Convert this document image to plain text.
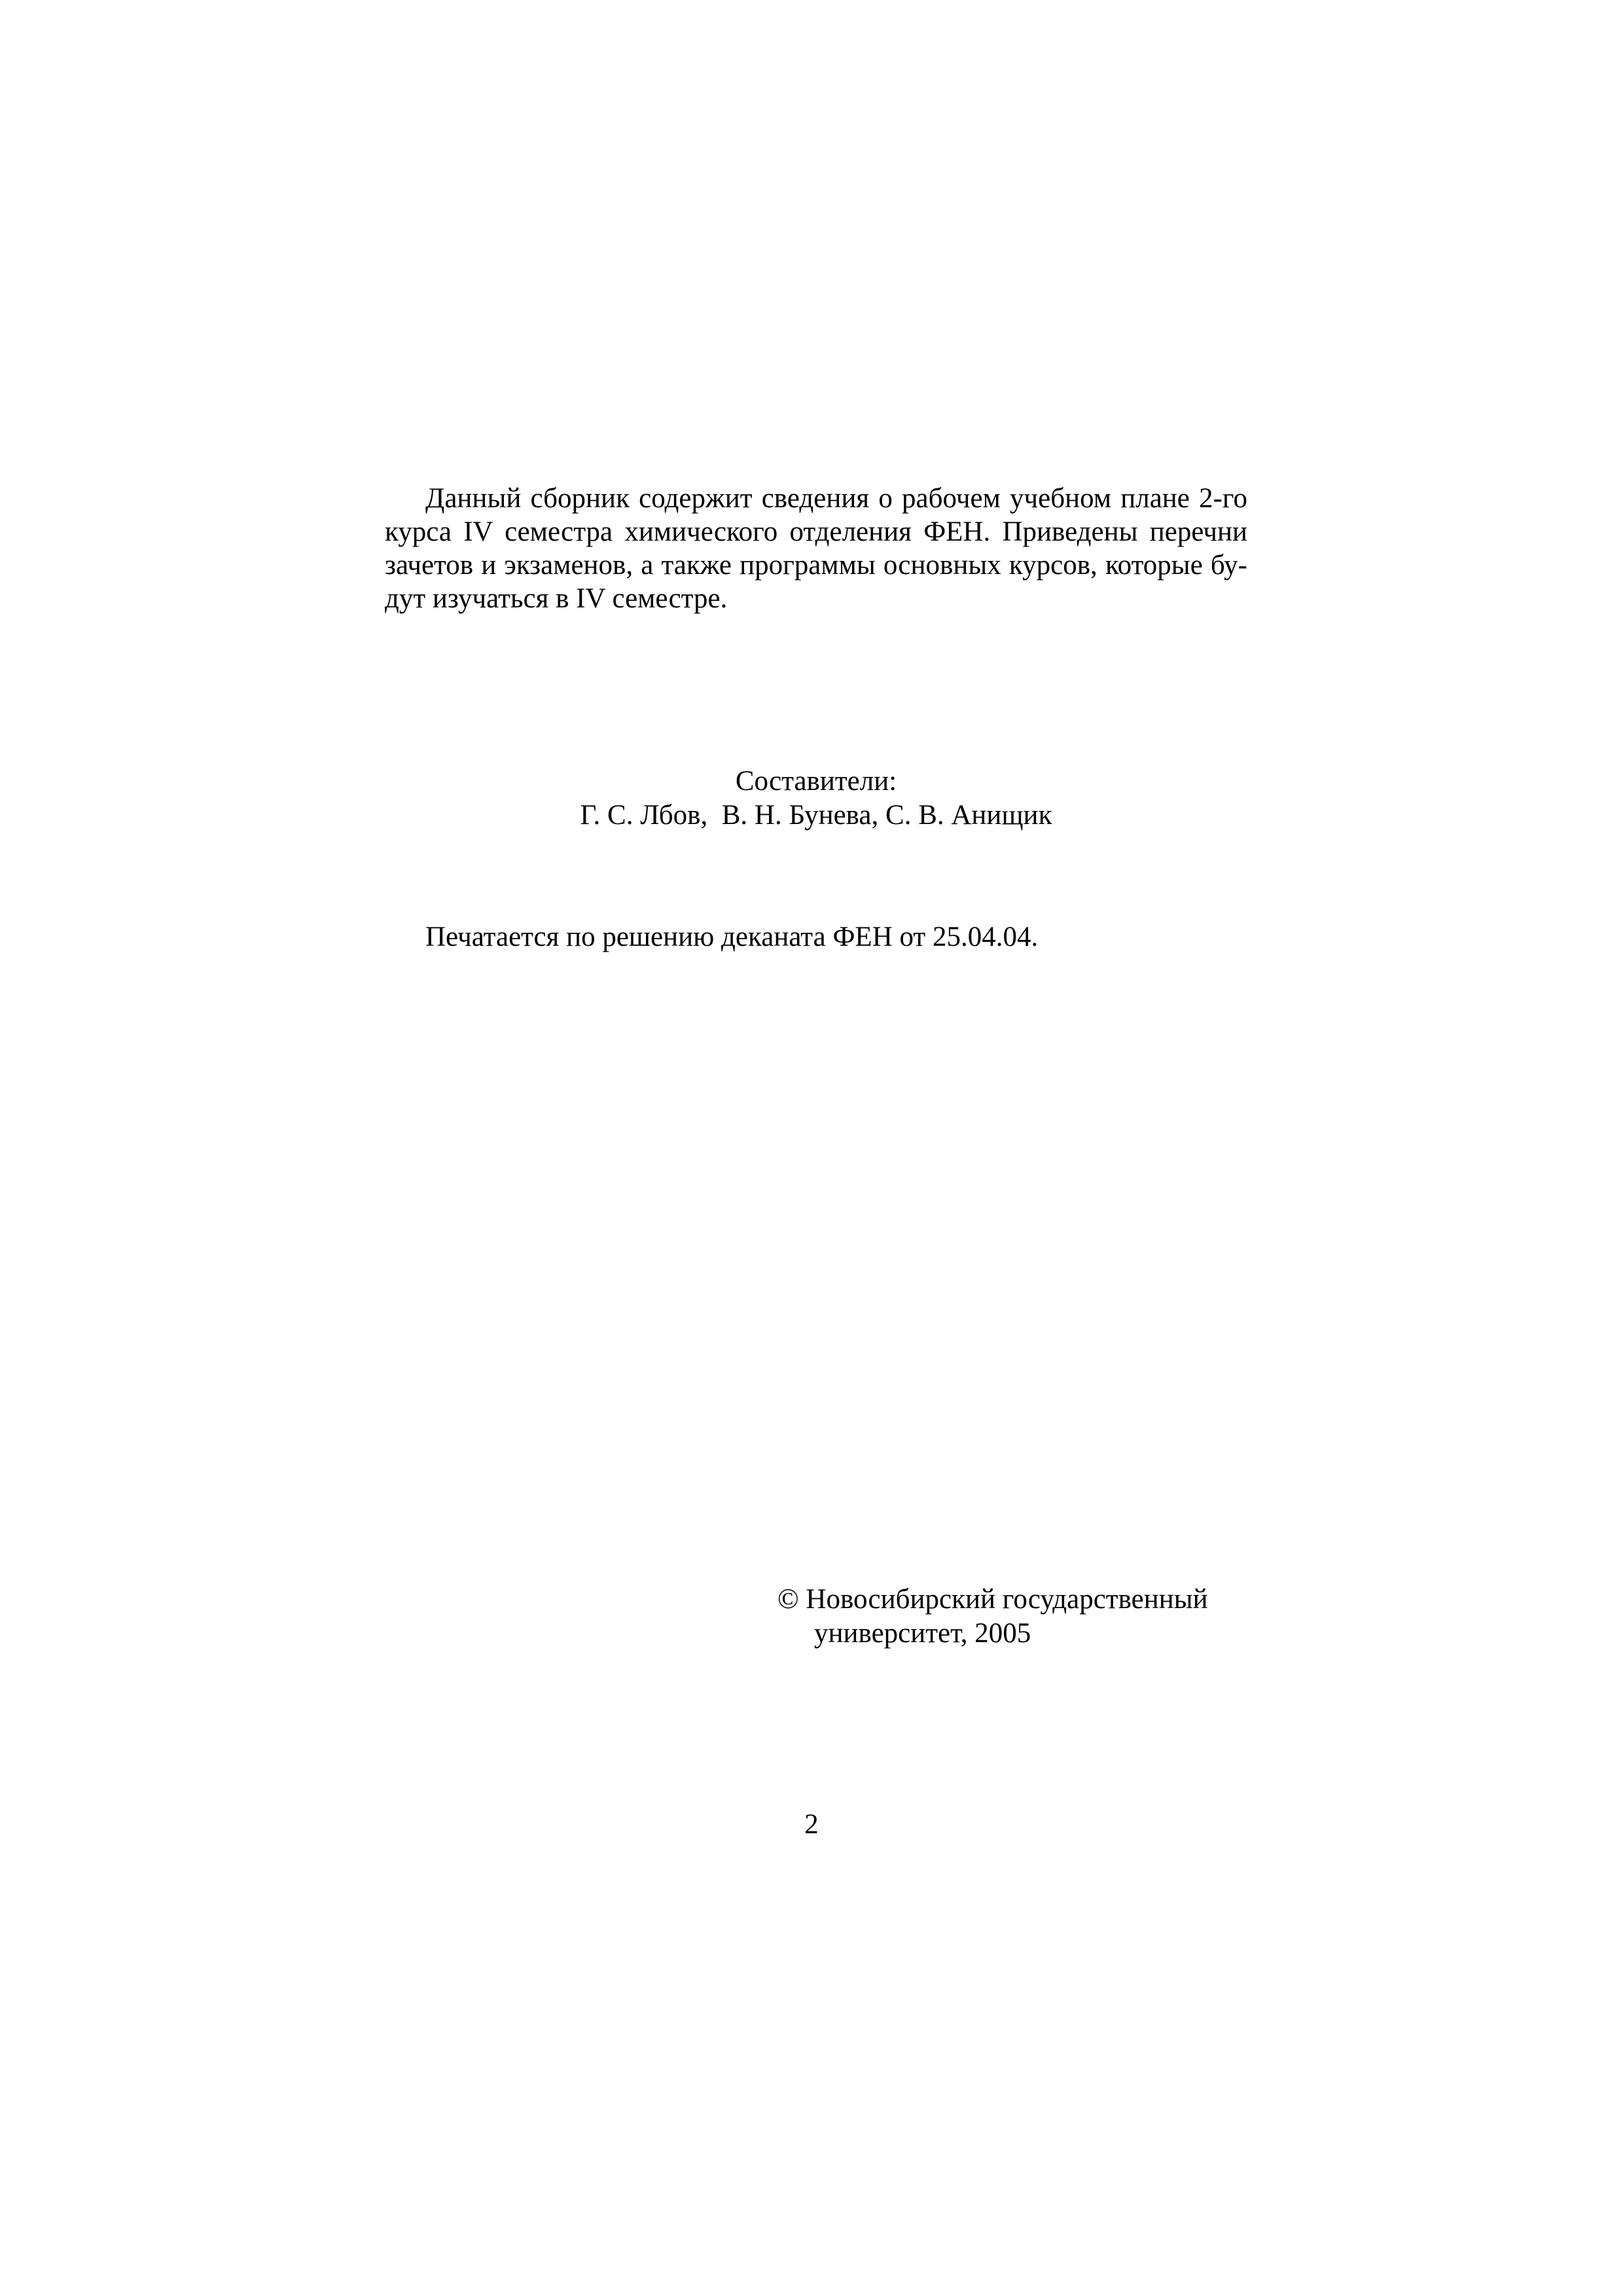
Данный сборник содержит сведения о рабочем учебном плане 2-го
курса IV семестра химического отделения ФЕН. Приведены перечни
зачетов и экзаменов, а также программы основных курсов, которые бу-
дут изучаться в IV семестре.
Составители:
Г. С. Лбов,  В. Н. Бунева, С. В. Анищик
Печатается по решению деканата ФЕН от 25.04.04.
© Новосибирский государственный
университет, 2005
2
